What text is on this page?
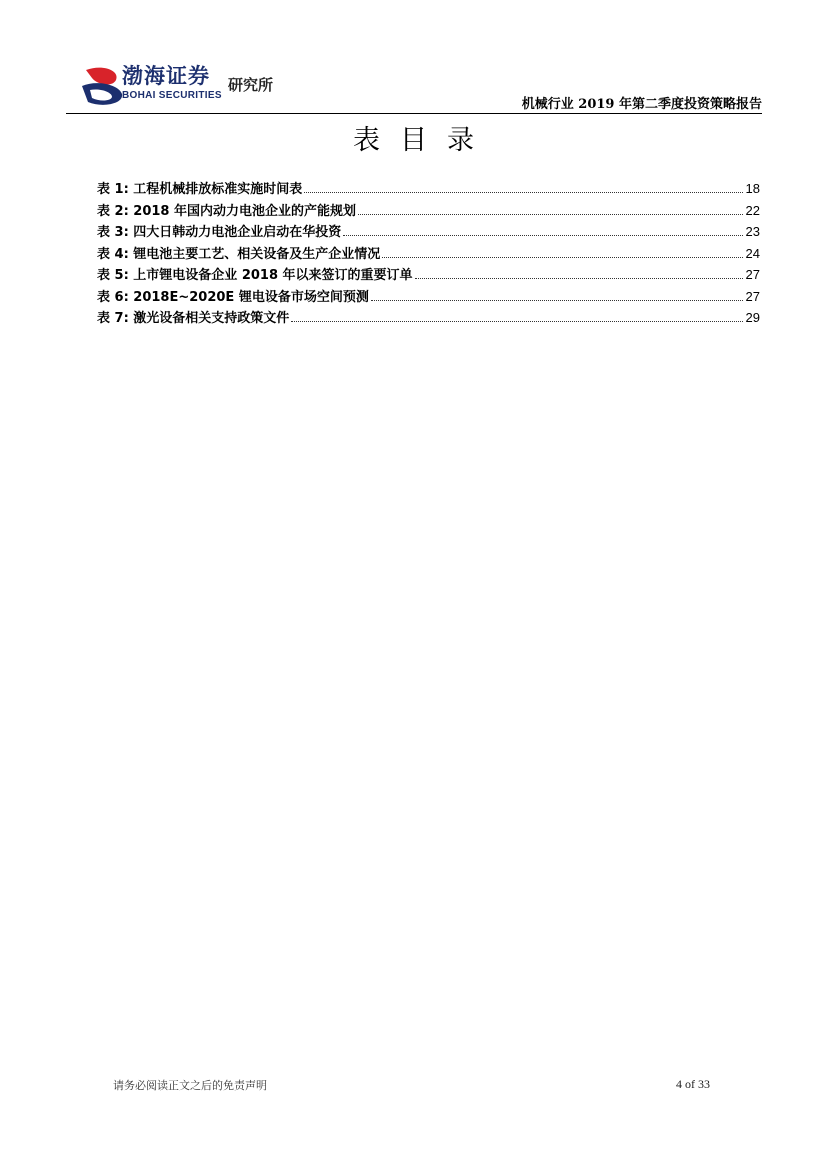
渤海证券
BOHAI SECURITIES
研究所
机械行业 2019 年第二季度投资策略报告
表目录
表 1: 工程机械排放标准实施时间表	18
表 2: 2018 年国内动力电池企业的产能规划	22
表 3: 四大日韩动力电池企业启动在华投资	23
表 4: 锂电池主要工艺、相关设备及生产企业情况	24
表 5: 上市锂电设备企业 2018 年以来签订的重要订单	27
表 6: 2018E~2020E 锂电设备市场空间预测	27
表 7: 激光设备相关支持政策文件	29
请务必阅读正文之后的免责声明	4 of 33
